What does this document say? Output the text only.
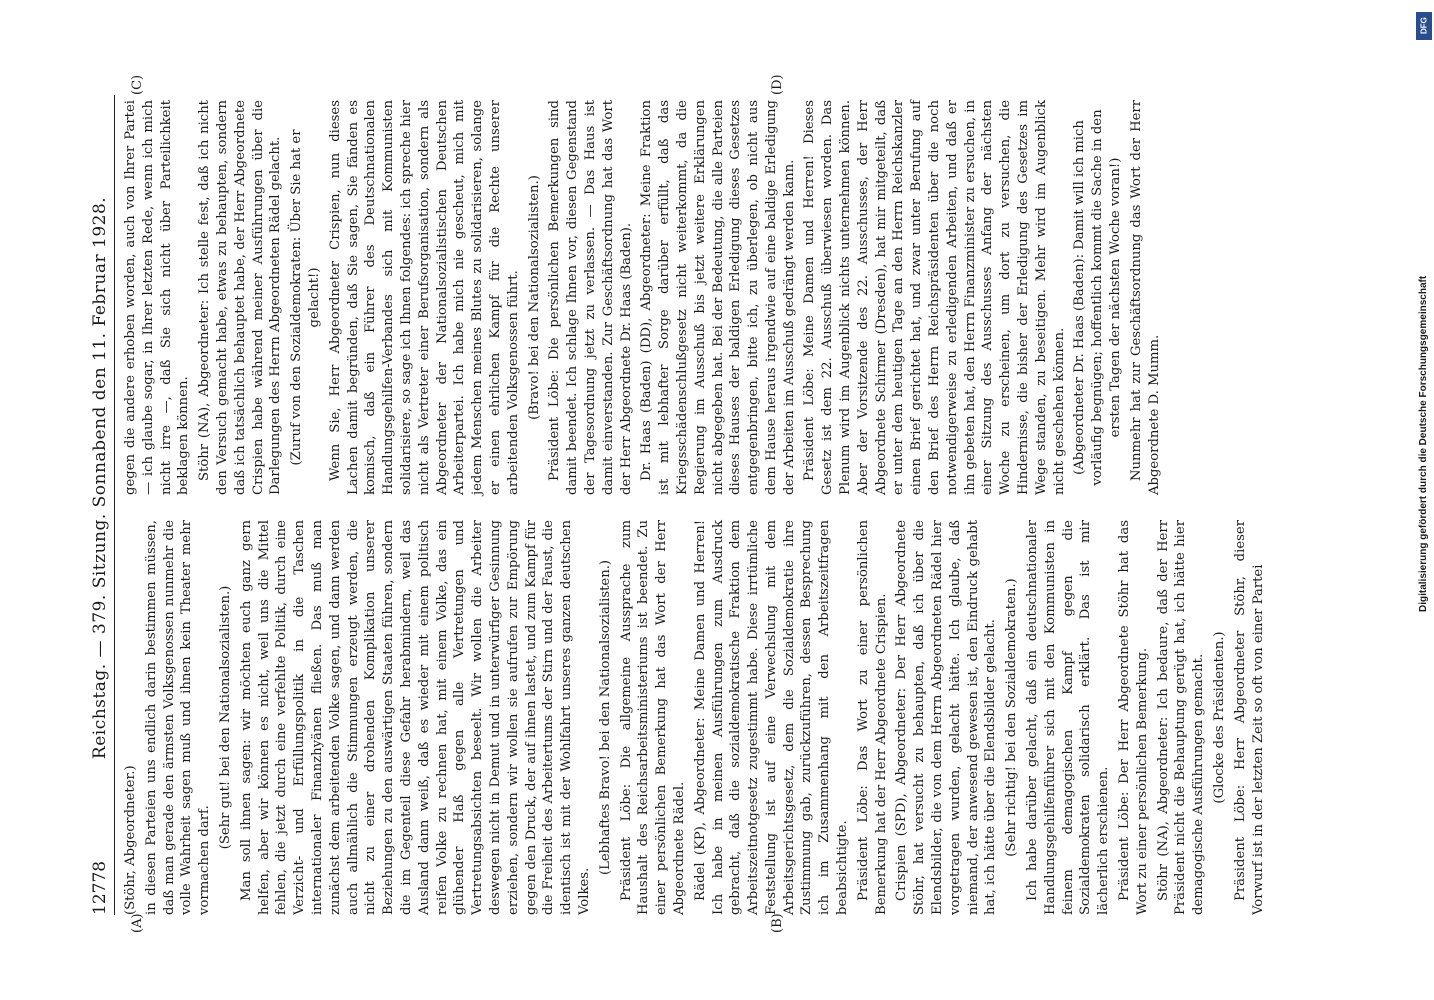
12778
Reichstag. — 379. Sitzung. Sonnabend den 11. Februar 1928.

(Stöhr, Abgeordneter.) in diesen Parteien uns endlich darin bestimmen müssen, daß man gerade den ärmsten Volksgenossen nunmehr die volle Wahrheit sagen muß und ihnen kein Theater mehr vormachen darf.

(Sehr gut! bei den Nationalsozialisten.) Man soll ihnen sagen: wir möchten euch ganz gern helfen, aber wir können es nicht, weil uns die Mittel fehlen, die jetzt durch eine verfehlte Politik, durch eine Verzicht- und Erfüllungspolitik in die Taschen internationaler Finanzhyänen fließen. Das muß man zunächst dem arbeitenden Volke sagen, und dann werden auch allmählich die Stimmungen erzeugt werden, die nicht zu einer drohenden Komplikation unserer Beziehungen zu den auswärtigen Staaten führen, sondern die im Gegenteil diese Gefahr herabmindern, weil das Ausland dann weiß, daß es wieder mit einem politisch reifen Volke zu rechnen hat, mit einem Volke, das ein glühender Haß gegen alle Vertretungen und Vertretungsabsichten beseelt. Wir wollen die Arbeiter deswegen nicht in Demut und in unterwürfiger Gesinnung erziehen, sondern wir wollen sie aufrufen zur Empörung gegen den Druck, der auf ihnen lastet, und zum Kampf für die Freiheit des Arbeitertums der Stirn und der Faust, die identisch ist mit der Wohlfahrt unseres ganzen deutschen Volkes.

(Lebhaftes Bravo! bei den Nationalsozialisten.) Präsident Löbe: Die allgemeine Aussprache zum Haushalt des Reichsarbeitsministeriums ist beendet. Zu einer persönlichen Bemerkung hat das Wort der Herr Abgeordnete Rädel. Rädel (KP), Abgeordneter: Meine Damen und Herren! Ich habe in meinen Ausführungen zum Ausdruck gebracht, daß die sozialdemokratische Fraktion dem Arbeitszeitnotgesetz zugestimmt habe. Diese irrtümliche Feststellung ist auf eine Verwechslung mit dem Arbeitsgerichtsgesetz, dem die Sozialdemokratie ihre Zustimmung gab, zurückzuführen, dessen Besprechung ich im Zusammenhang mit den Arbeitszeitfragen beabsichtigte. Präsident Löbe: Das Wort zu einer persönlichen Bemerkung hat der Herr Abgeordnete Crispien. Crispien (SPD), Abgeordneter: Der Herr Abgeordnete Stöhr, hat versucht zu behaupten, daß ich über die Elendsbilder, die von dem Herrn Abgeordneten Rädel hier vorgetragen wurden, gelacht hätte. Ich glaube, daß niemand, der anwesend gewesen ist, den Eindruck gehabt hat, ich hätte über die Elendsbilder gelacht. (Sehr richtig! bei den Sozialdemokraten.) Ich habe darüber gelacht, daß ein deutschnationaler Handlungsgehilfenführer sich mit den Kommunisten in feinem demagogischen Kampf gegen die Sozialdemokraten solidarisch erklärt. Das ist mir lächerlich erschienen. Präsident Löbe: Der Herr Abgeordnete Stöhr hat das Wort zu einer persönlichen Bemerkung. Stöhr (NA), Abgeordneter: Ich bedaure, daß der Herr Präsident nicht die Behauptung gerügt hat, ich hätte hier demagogische Ausführungen gemacht. (Glocke des Präsidenten.) Präsident Löbe: Herr Abgeordneter Stöhr, dieser Vorwurf ist in der letzten Zeit so oft von einer Partei

gegen die andere erhoben worden, auch von Ihrer Partei — ich glaube sogar, in Ihrer letzten Rede, wenn ich mich nicht irre —, daß Sie sich nicht über Parteilichkeit beklagen können. Stöhr (NA), Abgeordneter: Ich stelle fest, daß ich nicht den Versuch gemacht habe, etwas zu behaupten, sondern daß ich tatsächlich behauptet habe, der Herr Abgeordnete Crispien habe während meiner Ausführungen über die Darlegungen des Herrn Abgeordneten Rädel gelacht. (Zuruf von den Sozialdemokraten: Über Sie hat er gelacht!) Wenn Sie, Herr Abgeordneter Crispien, nun dieses Lachen damit begründen, daß Sie sagen, Sie fänden es komisch, daß ein Führer des Deutschnationalen Handlungsgehilfen-Verbandes sich mit Kommunisten solidarisiere, so sage ich Ihnen folgendes: ich spreche hier nicht als Vertreter einer Berufsorganisation, sondern als Abgeordneter der Nationalsozialistischen Deutschen Arbeiterpartei. Ich habe mich nie gescheut, mich mit jedem Menschen meines Blutes zu solidarisieren, solange er einen ehrlichen Kampf für die Rechte unserer arbeitenden Volksgenossen führt. (Bravo! bei den Nationalsozialisten.) Präsident Löbe: Die persönlichen Bemerkungen sind damit beendet. Ich schlage Ihnen vor, diesen Gegenstand der Tagesordnung jetzt zu verlassen. — Das Haus ist damit einverstanden. Zur Geschäftsordnung hat das Wort der Herr Abgeordnete Dr. Haas (Baden). Dr. Haas (Baden) (DD), Abgeordneter: Meine Fraktion ist mit lebhafter Sorge darüber erfüllt, daß das Kriegsschädenschlußgesetz nicht weiterkommt, da die Regierung im Ausschuß bis jetzt weitere Erklärungen nicht abgegeben hat. Bei der Bedeutung, die alle Parteien dieses Hauses der baldigen Erledigung dieses Gesetzes entgegenbringen, bitte ich, zu überlegen, ob nicht aus dem Hause heraus irgendwie auf eine baldige Erledigung der Arbeiten im Ausschuß gedrängt werden kann. Präsident Löbe: Meine Damen und Herren! Dieses Gesetz ist dem 22. Ausschuß überwiesen worden. Das Plenum wird im Augenblick nichts unternehmen können. Aber der Vorsitzende des 22. Ausschusses, der Herr Abgeordnete Schirmer (Dresden), hat mir mitgeteilt, daß er unter dem heutigen Tage an den Herrn Reichskanzler einen Brief gerichtet hat, und zwar unter Berufung auf den Brief des Herrn Reichspräsidenten über die noch notwendigerweise zu erledigenden Arbeiten, und daß er ihn gebeten hat, den Herrn Finanzminister zu ersuchen, in einer Sitzung des Ausschusses Anfang der nächsten Woche zu erscheinen, um dort zu versuchen, die Hindernisse, die bisher der Erledigung des Gesetzes im Wege standen, zu beseitigen. Mehr wird im Augenblick nicht geschehen können. (Abgeordneter Dr. Haas (Baden): Damit will ich mich vorläufig begnügen; hoffentlich kommt die Sache in den ersten Tagen der nächsten Woche voran!) Nunmehr hat zur Geschäftsordnung das Wort der Herr Abgeordnete D. Mumm.

(A)	(B)
(C)	(D)
DFG
Digitalisierung gefördert durch die Deutsche Forschungsgemeinschaft
